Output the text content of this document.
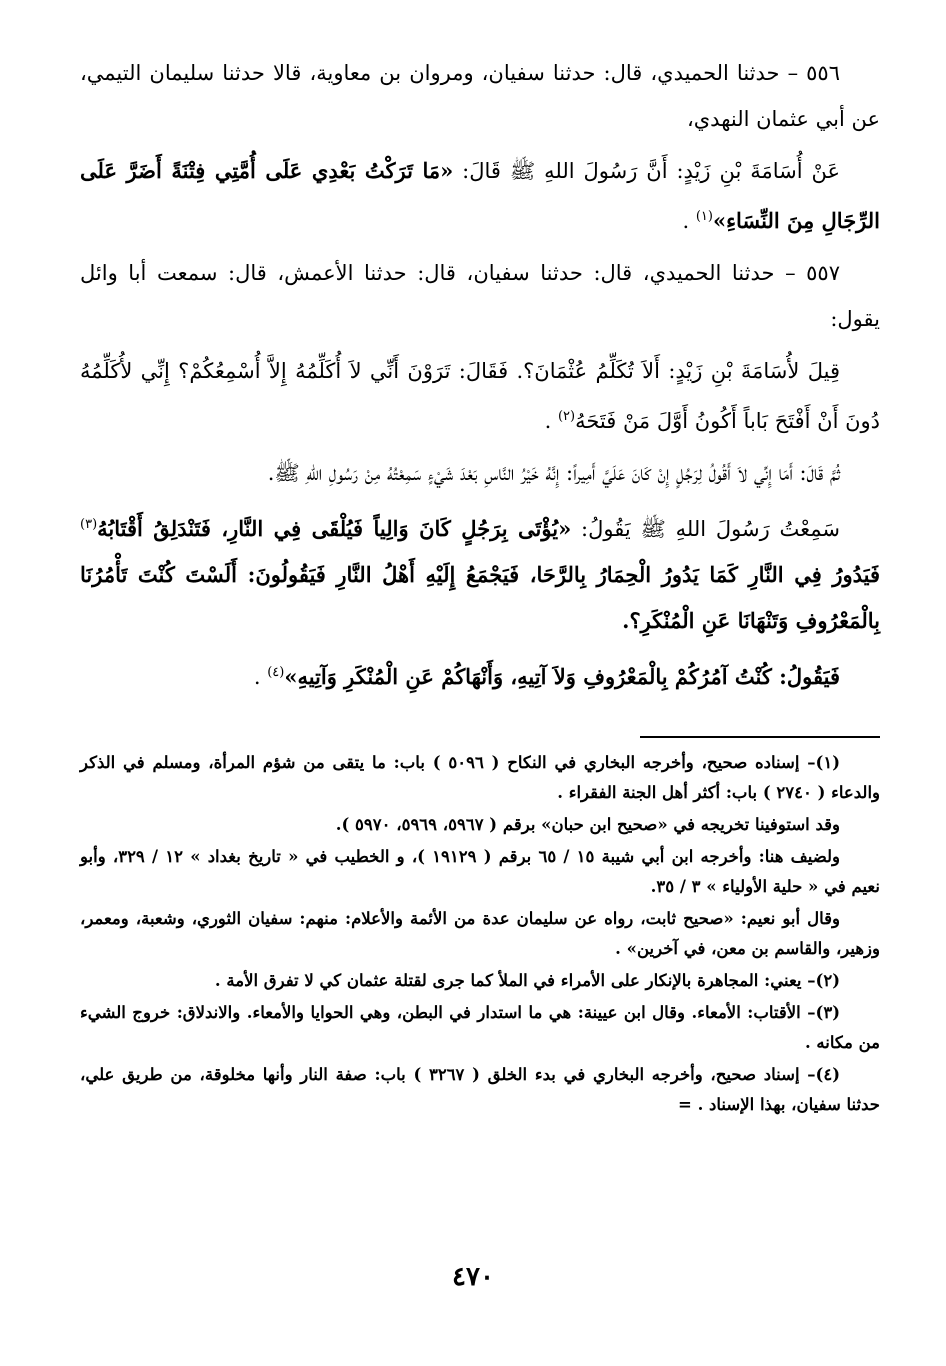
٥٥٦ – حدثنا الحميدي، قال: حدثنا سفيان، ومروان بن معاوية، قالا حدثنا سليمان التيمي، عن أبي عثمان النهدي،

عَنْ أُسَامَةَ بْنِ زَيْدٍ: أَنَّ رَسُولَ اللهِ ﷺ قَالَ: «مَا تَرَكْتُ بَعْدِي عَلَى أُمَّتِي فِتْنَةً أَضَرَّ عَلَى الرِّجَالِ مِنَ النِّسَاءِ»$^{(١)}$ .

٥٥٧ – حدثنا الحميدي، قال: حدثنا سفيان، قال: حدثنا الأعمش، قال: سمعت أبا وائل يقول:

قِيلَ لأُسَامَةَ بْنِ زَيْدٍ: أَلاَ تُكَلِّمُ عُثْمَانَ؟. فَقَالَ: تَرَوْنَ أَنِّي لاَ أُكَلِّمُهُ إِلاَّ أُسْمِعُكُمْ؟ إِنِّي لأُكَلِّمُهُ دُونَ أَنْ أَفْتَحَ بَاباً أَكُونُ أَوَّلَ مَنْ فَتَحَهُ$^{(٢)}$ .

ثُمَّ قَالَ: أَمَا إِنِّي لاَ أَقُولُ لِرَجُلٍ إِنْ كَانَ عَلَيَّ أَمِيراً: إِنَّهُ خَيْرُ النَّاسِ بَعْدَ شَيْءٍ سَمِعْتُهُ مِنْ رَسُولِ اللهِ ﷺ.

سَمِعْتُ رَسُولَ اللهِ ﷺ يَقُولُ: «يُؤْتَى بِرَجُلٍ كَانَ وَالِياً فَيُلْقَى فِي النَّارِ، فَتَنْدَلِقُ أَقْتَابُهُ$^{(٣)}$ فَيَدُورُ فِي النَّارِ كَمَا يَدُورُ الْحِمَارُ بِالرَّحَا، فَيَجْمَعُ إِلَيْهِ أَهْلُ النَّارِ فَيَقُولُونَ: أَلَسْتَ كُنْتَ تَأْمُرُنَا بِالْمَعْرُوفِ وَتَنْهَانَا عَنِ الْمُنْكَرِ؟.

فَيَقُولُ: كُنْتُ آمُرُكُمْ بِالْمَعْرُوفِ وَلاَ آتِيهِ، وَأَنْهَاكُمْ عَنِ الْمُنْكَرِ وَآتِيهِ»$^{(٤)}$ .

(١)– إسناده صحيح، وأخرجه البخاري في النكاح ( ٥٠٩٦ ) باب: ما يتقى من شؤم المرأة، ومسلم في الذكر والدعاء ( ٢٧٤٠ ) باب: أكثر أهل الجنة الفقراء .

وقد استوفينا تخريجه في «صحيح ابن حبان» برقم ( ٥٩٦٧، ٥٩٦٩، ٥٩٧٠ ).

ولضيف هنا: وأخرجه ابن أبي شيبة ١٥ / ٦٥ برقم ( ١٩١٢٩ )، و الخطيب في « تاريخ بغداد » ١٢ / ٣٢٩، وأبو نعيم في « حلية الأولياء » ٣ / ٣٥.

وقال أبو نعيم: «صحيح ثابت، رواه عن سليمان عدة من الأئمة والأعلام: منهم: سفيان الثوري، وشعبة، ومعمر، وزهير، والقاسم بن معن، في آخرين» .

(٢)– يعني: المجاهرة بالإنكار على الأمراء في الملأ كما جرى لقتلة عثمان كي لا تفرق الأمة .

(٣)– الأقتاب: الأمعاء. وقال ابن عيينة: هي ما استدار في البطن، وهي الحوايا والأمعاء. والاندلاق: خروج الشيء من مكانه .

(٤)– إسناد صحيح، وأخرجه البخاري في بدء الخلق ( ٣٢٦٧ ) باب: صفة النار وأنها مخلوقة، من طريق علي، حدثنا سفيان، بهذا الإسناد . =

٤٧٠
